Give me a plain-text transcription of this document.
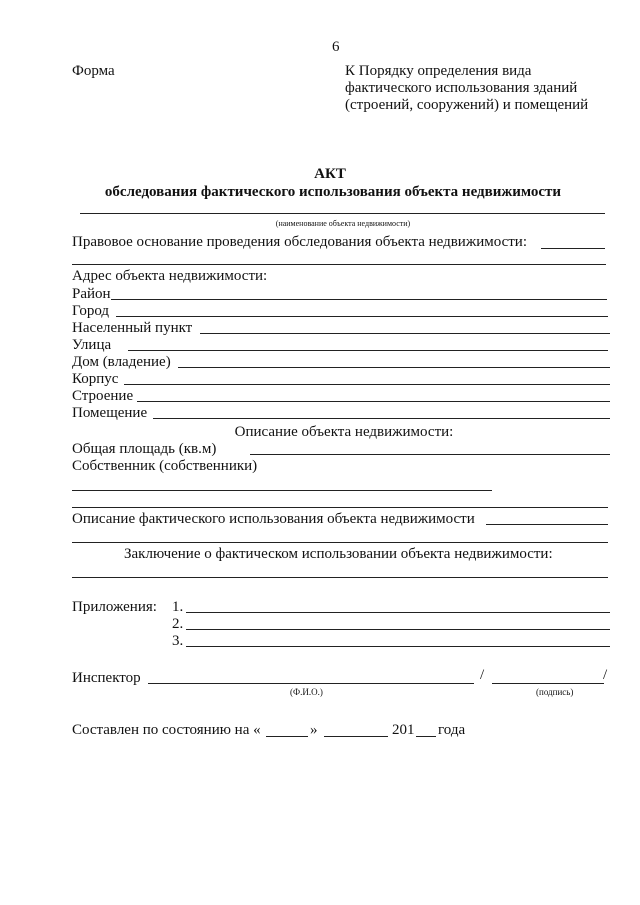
6
Форма	К Порядку определения вида
фактического использования зданий
(строений, сооружений) и помещений
АКТ
обследования фактического использования объекта недвижимости
(наименование объекта недвижимости)
Правовое основание проведения обследования объекта недвижимости:
Адрес объекта недвижимости:
Район
Город
Населенный пункт
Улица
Дом (владение)
Корпус
Строение
Помещение
Описание объекта недвижимости:
Общая площадь (кв.м)
Собственник (собственники)
Описание фактического использования объекта недвижимости
Заключение о фактическом использовании объекта недвижимости:
Приложения: 1.
2.
3.
Инспектор	/	/
(Ф.И.О.)	(подпись)
Составлен по состоянию на «	»	201 года
